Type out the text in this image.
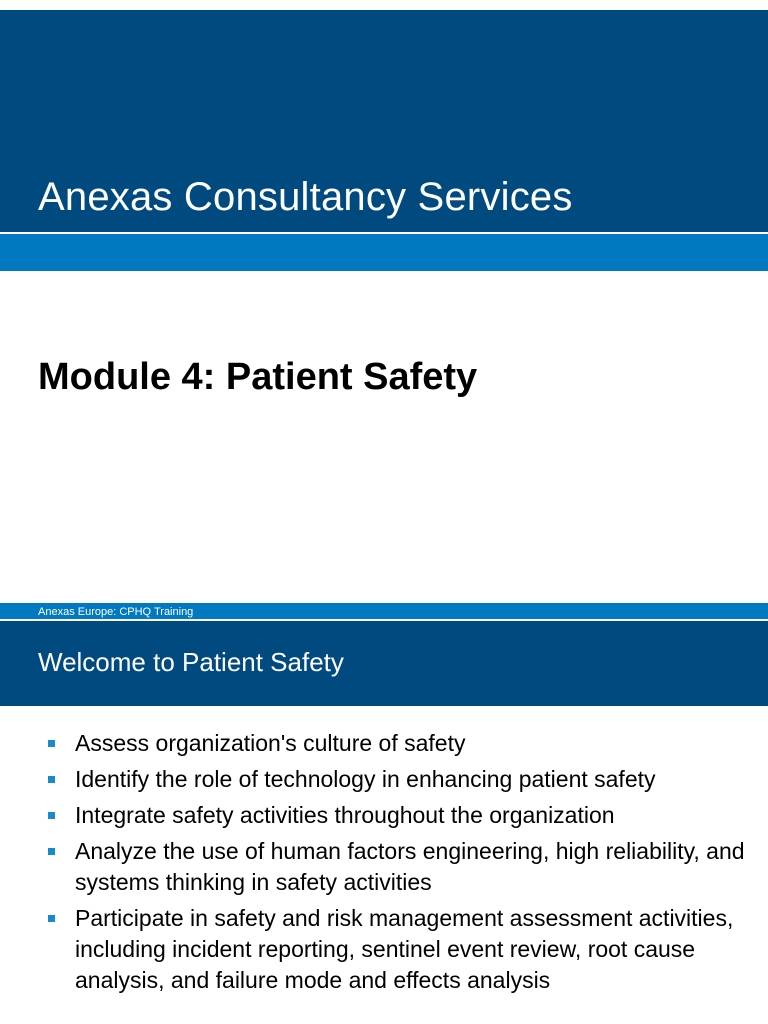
Anexas Consultancy Services
Module 4: Patient Safety
Anexas Europe: CPHQ Training
Welcome to Patient Safety
Assess organization's culture of safety
Identify the role of technology in enhancing patient safety
Integrate safety activities throughout the organization
Analyze the use of human factors engineering, high reliability, and systems thinking in safety activities
Participate in safety and risk management assessment activities, including incident reporting, sentinel event review, root cause analysis, and failure mode and effects analysis
